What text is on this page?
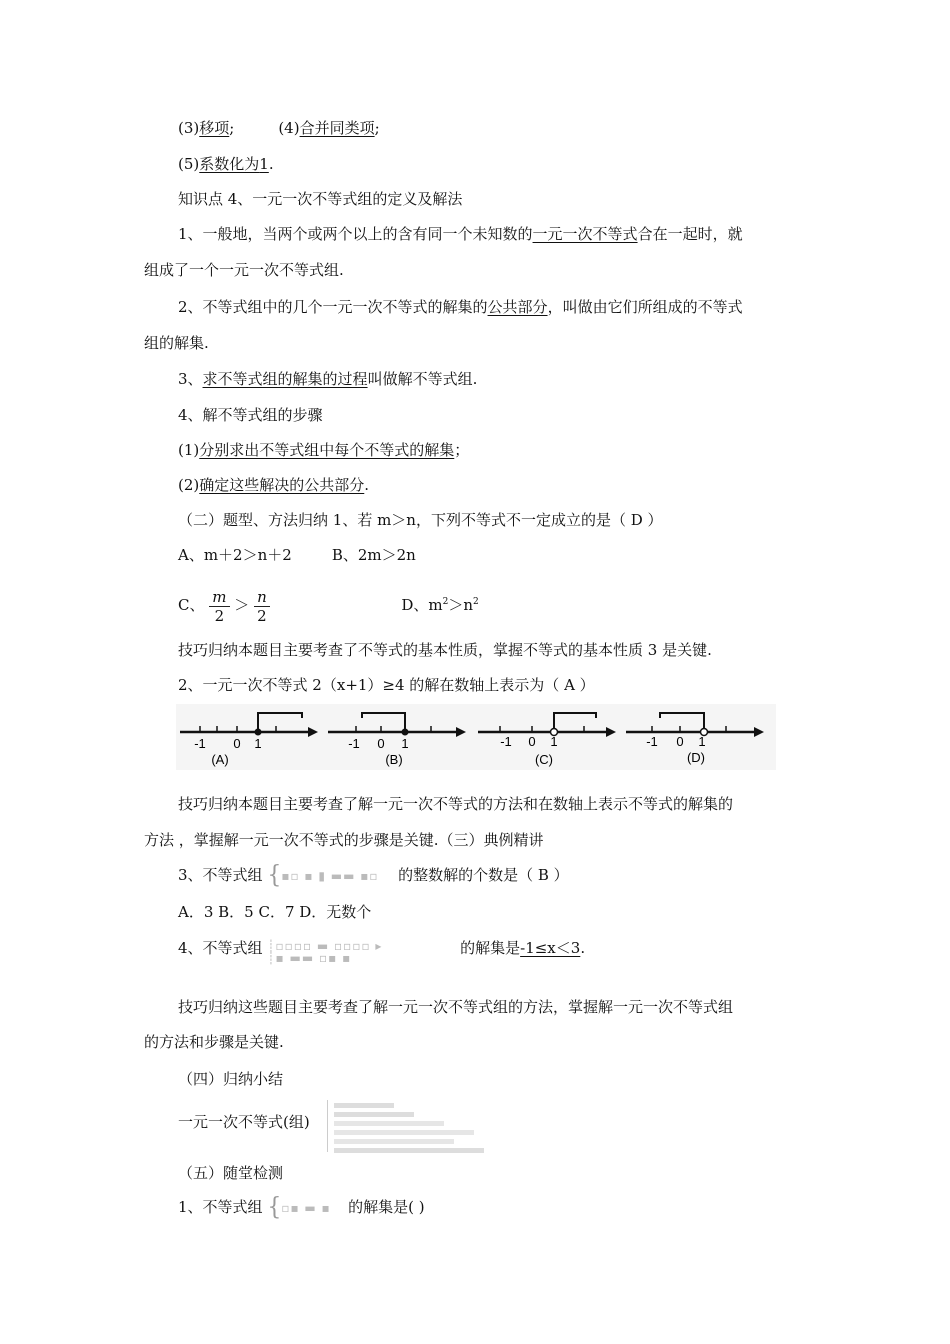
(3)移项;	(4)合并同类项;
(5)系数化为1.
知识点 4、一元一次不等式组的定义及解法
1、一般地，当两个或两个以上的含有同一个未知数的一元一次不等式合在一起时，就
组成了一个一元一次不等式组.
2、不等式组中的几个一元一次不等式的解集的公共部分，叫做由它们所组成的不等式
组的解集.
3、求不等式组的解集的过程叫做解不等式组.
4、解不等式组的步骤
(1)分别求出不等式组中每个不等式的解集；
(2)确定这些解决的公共部分.
（二）题型、方法归纳 1、若 m＞n，下列不等式不一定成立的是（ D ）
A、m＋2＞n＋2	B、2m＞2n
C、 $\frac{m}{2} > \frac{n}{2}$	D、$m^2>n^2$
技巧归纳本题目主要考查了不等式的基本性质，掌握不等式的基本性质 3 是关键.
2、一元一次不等式 2（x+1）≥4 的解在数轴上表示为（ A ）
-1 0 1
(A)
-1 0 1
(B)
-1 0 1
(C)
-1 0 1
(D)
技巧归纳本题目主要考查了解一元一次不等式的方法和在数轴上表示不等式的解集的
方法 ，掌握解一元一次不等式的步骤是关键.（三）典例精讲
3、不等式组 {▪▫ ▪ ▮ ▬▬ ▪▫ 的整数解的个数是（ B ）
A．3 B．5 C．7 D．无数个
4、不等式组 ┊▫▫▫▫ ▬ ▫▫▫▫ ▸
┊▪ ▬▬ ▫▪ ▪ 的解集是-1≤x＜3.
技巧归纳这些题目主要考查了解一元一次不等式组的方法，掌握解一元一次不等式组
的方法和步骤是关键.
（四）归纳小结
一元一次不等式(组)
（五）随堂检测
1、不等式组 {▫▪ ▬ ▪ 的解集是( )
